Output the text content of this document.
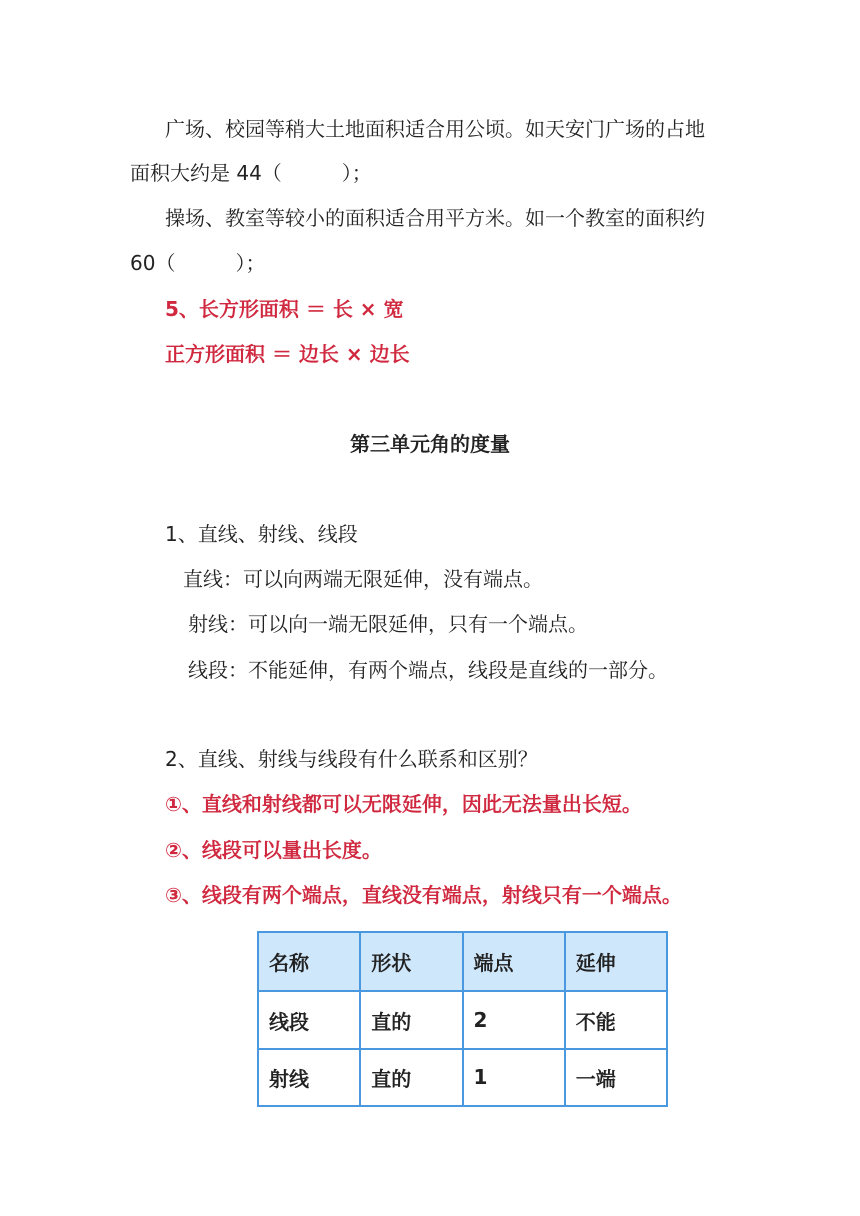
广场、校园等稍大土地面积适合用公顷。如天安门广场的占地
面积大约是 44（　　　）；
操场、教室等较小的面积适合用平方米。如一个教室的面积约
60（　　　）；
5、长方形面积 ＝ 长 × 宽
正方形面积 ＝ 边长 × 边长
第三单元角的度量
1、直线、射线、线段
直线：可以向两端无限延伸，没有端点。
射线：可以向一端无限延伸，只有一个端点。
线段：不能延伸，有两个端点，线段是直线的一部分。
2、直线、射线与线段有什么联系和区别？
①、直线和射线都可以无限延伸，因此无法量出长短。
②、线段可以量出长度。
③、线段有两个端点，直线没有端点，射线只有一个端点。
名称	形状	端点	延伸
线段	直的	2	不能
射线	直的	1	一端
